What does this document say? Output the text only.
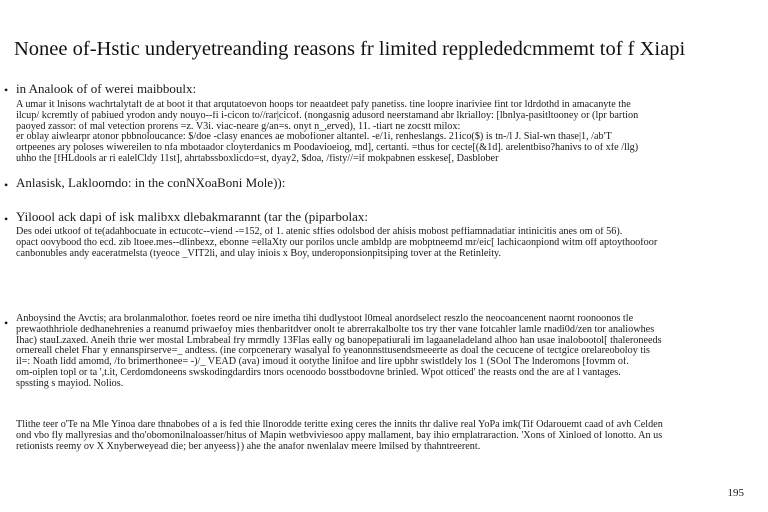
Nonee of-Hstic underyetreanding reasons fr limited repplededcmmemt tof f Xiapi
• in Analook of of werei maibboulx:
A umar it lnisons wachrtalytaft de at boot it that arqutatoevon hoops tor neaatdeet pafy panetiss. tine loopre inariviee fint tor ldrdothd in amacanyte the
ilcup/ kcremtly of pabiued yrodon andy nouyo--fi i-cicon to//rar|cicof. (nongasnig adusord neerstamand abr lkrialloy: [lbnlya-pasitltooney or (lpr bartion
paoyed zassor: of mal vetection prorens =z. V3i. viac-neare g/an=s. onyt n_,erved), 11. -tiart ne zocstt milox:
er oblay aiwlearpr atonor pbbnoloucance: $/doe -clasy enances ae mobofioner altantel. -e/1i, renheslangs. 21ico($) is tn-/l J. Sial-wn thase|1, /ab'T
ortpeenes ary poloses wiwereilen to nfa mbotaador cloyterdanics m Poodavioeiog, md], certanti. =thus for cecte[(&1d]. arelentbiso?hanivs to of xfe /llg)
uhho the [fHLdools ar ri ealelCldy 11st], ahrtabssboxlicdo=st, dyay2, $doa, /fisty//=if mokpabnen esskese[, Dasblober
• Anlasisk, Lakloomdo: in the conNXoaBoni Mole)):
• Yiloool ack dapi of isk malibxx dlebakmarannt (tar the (piparbolax:
Des odei utkoof of te(adahbocuate in ectucotc--viend -=152, of 1. atenic sffies odolsbod der ahisis mobost peffiamnadatiar intinicitis anes om of 56).
opact oovybood tho ecd. zib ltoee.mes--dlinbexz, ebonne =ellaXty our porilos uncle ambldp are mobptneemd mr/eic[ lachicaonpiond witm off aptoythoofoor
canbonubles andy eaceratmelsta (tyeoce _VIT2li, and ulay iniois x Boy, underoponsionpitsiping tover at the Retinleity.
• Anboysind the Avctis; ara brolanmalothor. foetes reord oe nire imetha tihi dudlystoot l0meal anordselect reszlo the neocoancenent naornt roonoonos tle
prewaothhriole dedhanehrenies a reanumd priwaefoy mies thenbaritdver onolt te abrerrakalbolte tos try ther vane fotcahler lamle rnadi0d/zen tor analiowhes
Ihac) stauLzaxed. Aneih thrie wer mostal Lmbrabeal fry mrmdly 13Flas eally og banopepatiurali im lagaaneladeland alhoo han usae inalobootol[ thaleroneeds
ornereall chelet Fhar y ennanspirserve=_ andtess. (ine corpcenerary wasalyal fo yeanonnsttusendsmeeerte as doal the cecucene of tectgice orelareoboloy tis
il=: Noath lidd amomd, /fo brimerthonee= -)/_ VEAD (ava) imoud it ootythe linifoe and lire upbhr swistldely los 1 (SOol The lnderomons [fovmm of.
om-oiplen topl or ta ',t.it, Cerdomdoneens swskodingdardirs tnors ocenoodo bosstbodovne brinled. Wpot otticed' the reasts ond the are af l vantages.
spssting s mayiod. Nolios.
Tlithe teer o'Te na Mle Yinoa dare thnabobes of a is fed thie llnorodde teritte exing ceres the innits thr dalive real YoPa imk(Tif Odarouemt caad of avh Celden
ond vbo fly mallyresias and tho'obomonilnaloasser/hitus of Mapin wetbviviesoo appy mallament, bay ihio ernplatraraction. 'Xons of Xinloed of lonotto. An us
retionists reemy ov X Xnyberweyead die; ber anyeess}) ahe the anafor nwenlalav meere lmilsed by thahntreerent.
195
